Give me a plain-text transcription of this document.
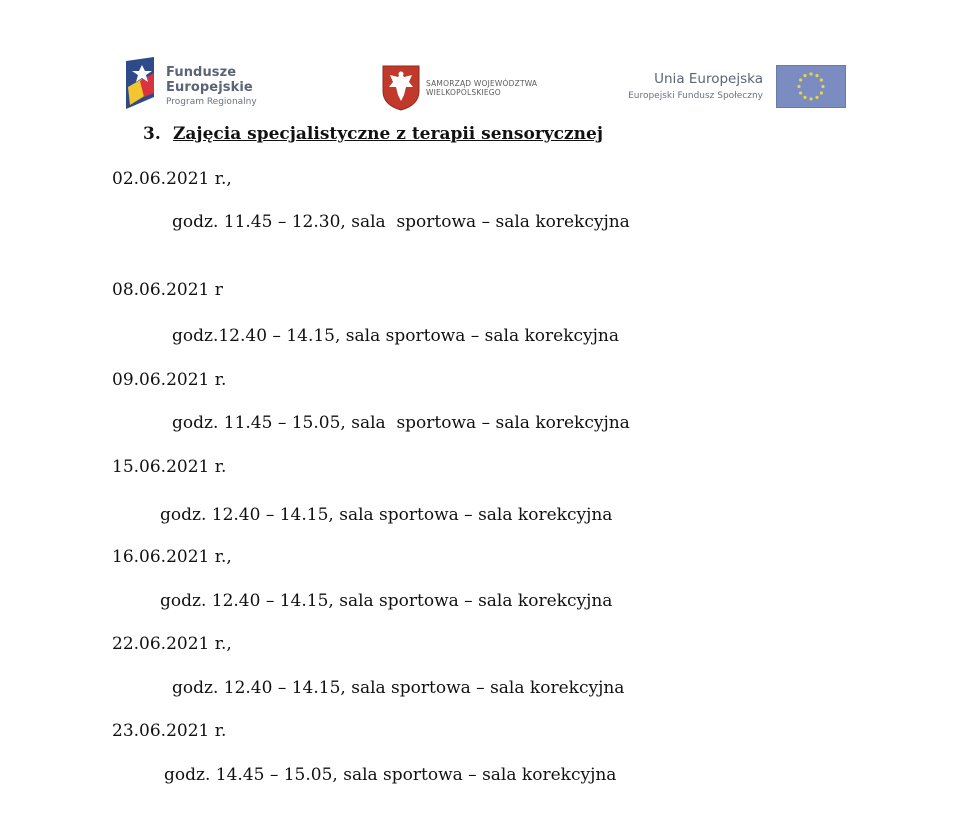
Fundusze
Europejskie
Program Regionalny
SAMORZĄD WOJEWÓDZTWA
WIELKOPOLSKIEGO
Unia Europejska
Europejski Fundusz Społeczny
3. Zajęcia specjalistyczne z terapii sensorycznej
02.06.2021 r.,
godz. 11.45 – 12.30, sala  sportowa – sala korekcyjna
08.06.2021 r
godz.12.40 – 14.15, sala sportowa – sala korekcyjna
09.06.2021 r.
godz. 11.45 – 15.05, sala  sportowa – sala korekcyjna
15.06.2021 r.
godz. 12.40 – 14.15, sala sportowa – sala korekcyjna
16.06.2021 r.,
godz. 12.40 – 14.15, sala sportowa – sala korekcyjna
22.06.2021 r.,
godz. 12.40 – 14.15, sala sportowa – sala korekcyjna
23.06.2021 r.
godz. 14.45 – 15.05, sala sportowa – sala korekcyjna
